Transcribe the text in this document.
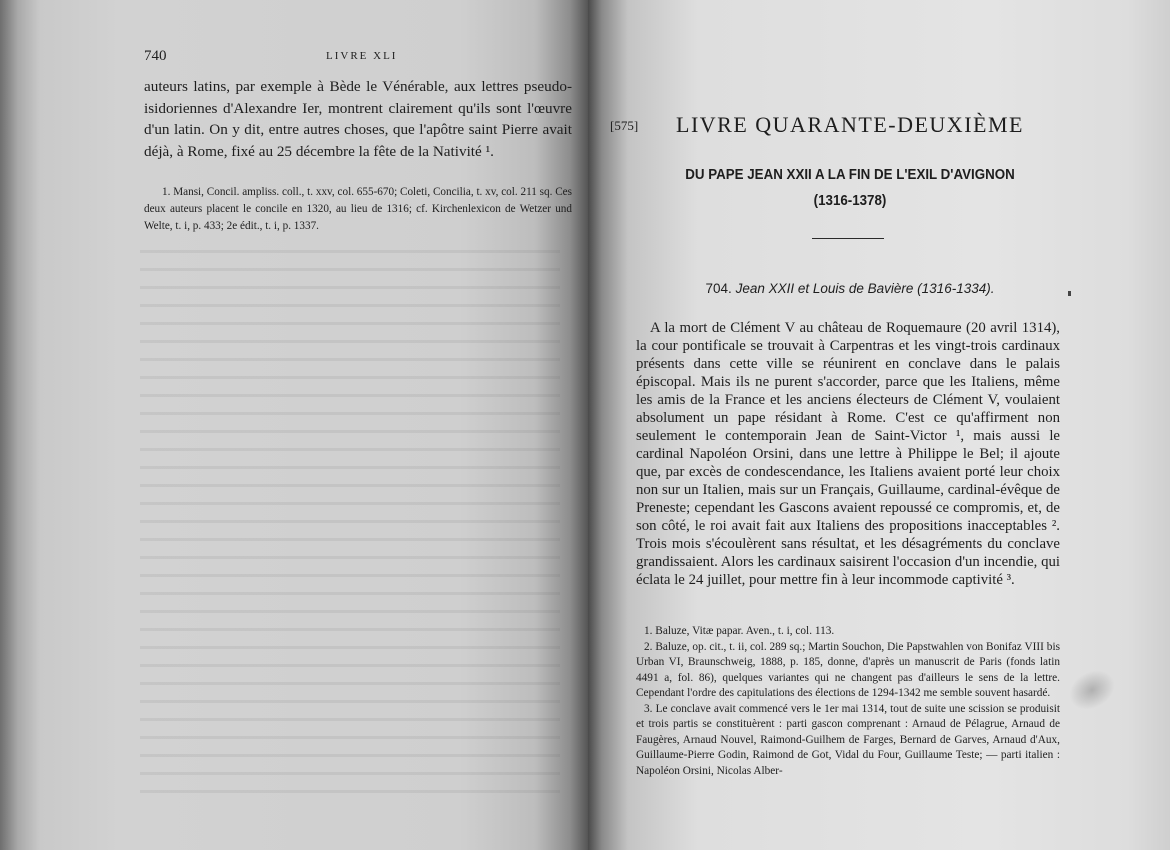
740	LIVRE XLI

auteurs latins, par exemple à Bède le Vénérable, aux lettres pseudo-isidoriennes d'Alexandre Ier, montrent clairement qu'ils sont l'œuvre d'un latin. On y dit, entre autres choses, que l'apôtre saint Pierre avait déjà, à Rome, fixé au 25 décembre la fête de la Nativité ¹.

1. Mansi, Concil. ampliss. coll., t. xxv, col. 655-670; Coleti, Concilia, t. xv, col. 211 sq. Ces deux auteurs placent le concile en 1320, au lieu de 1316; cf. Kirchenlexicon de Wetzer und Welte, t. i, p. 433; 2e édit., t. i, p. 1337.

[575]	LIVRE QUARANTE-DEUXIÈME
DU PAPE JEAN XXII A LA FIN DE L'EXIL D'AVIGNON
(1316-1378)
704. Jean XXII et Louis de Bavière (1316-1334).

A la mort de Clément V au château de Roquemaure (20 avril 1314), la cour pontificale se trouvait à Carpentras et les vingt-trois cardinaux présents dans cette ville se réunirent en conclave dans le palais épiscopal. Mais ils ne purent s'accorder, parce que les Italiens, même les amis de la France et les anciens électeurs de Clément V, voulaient absolument un pape résidant à Rome. C'est ce qu'affirment non seulement le contemporain Jean de Saint-Victor ¹, mais aussi le cardinal Napoléon Orsini, dans une lettre à Philippe le Bel; il ajoute que, par excès de condescendance, les Italiens avaient porté leur choix non sur un Italien, mais sur un Français, Guillaume, cardinal-évêque de Preneste; cependant les Gascons avaient repoussé ce compromis, et, de son côté, le roi avait fait aux Italiens des propositions inacceptables ². Trois mois s'écoulèrent sans résultat, et les désagréments du conclave grandissaient. Alors les cardinaux saisirent l'occasion d'un incendie, qui éclata le 24 juillet, pour mettre fin à leur incommode captivité ³.

1. Baluze, Vitæ papar. Aven., t. i, col. 113.

2. Baluze, op. cit., t. ii, col. 289 sq.; Martin Souchon, Die Papstwahlen von Bonifaz VIII bis Urban VI, Braunschweig, 1888, p. 185, donne, d'après un manuscrit de Paris (fonds latin 4491 a, fol. 86), quelques variantes qui ne changent pas d'ailleurs le sens de la lettre. Cependant l'ordre des capitulations des élections de 1294-1342 me semble souvent hasardé.

3. Le conclave avait commencé vers le 1er mai 1314, tout de suite une scission se produisit et trois partis se constituèrent : parti gascon comprenant : Arnaud de Pélagrue, Arnaud de Faugères, Arnaud Nouvel, Raimond-Guilhem de Farges, Bernard de Garves, Arnaud d'Aux, Guillaume-Pierre Godin, Raimond de Got, Vidal du Four, Guillaume Teste; — parti italien : Napoléon Orsini, Nicolas Alber-
